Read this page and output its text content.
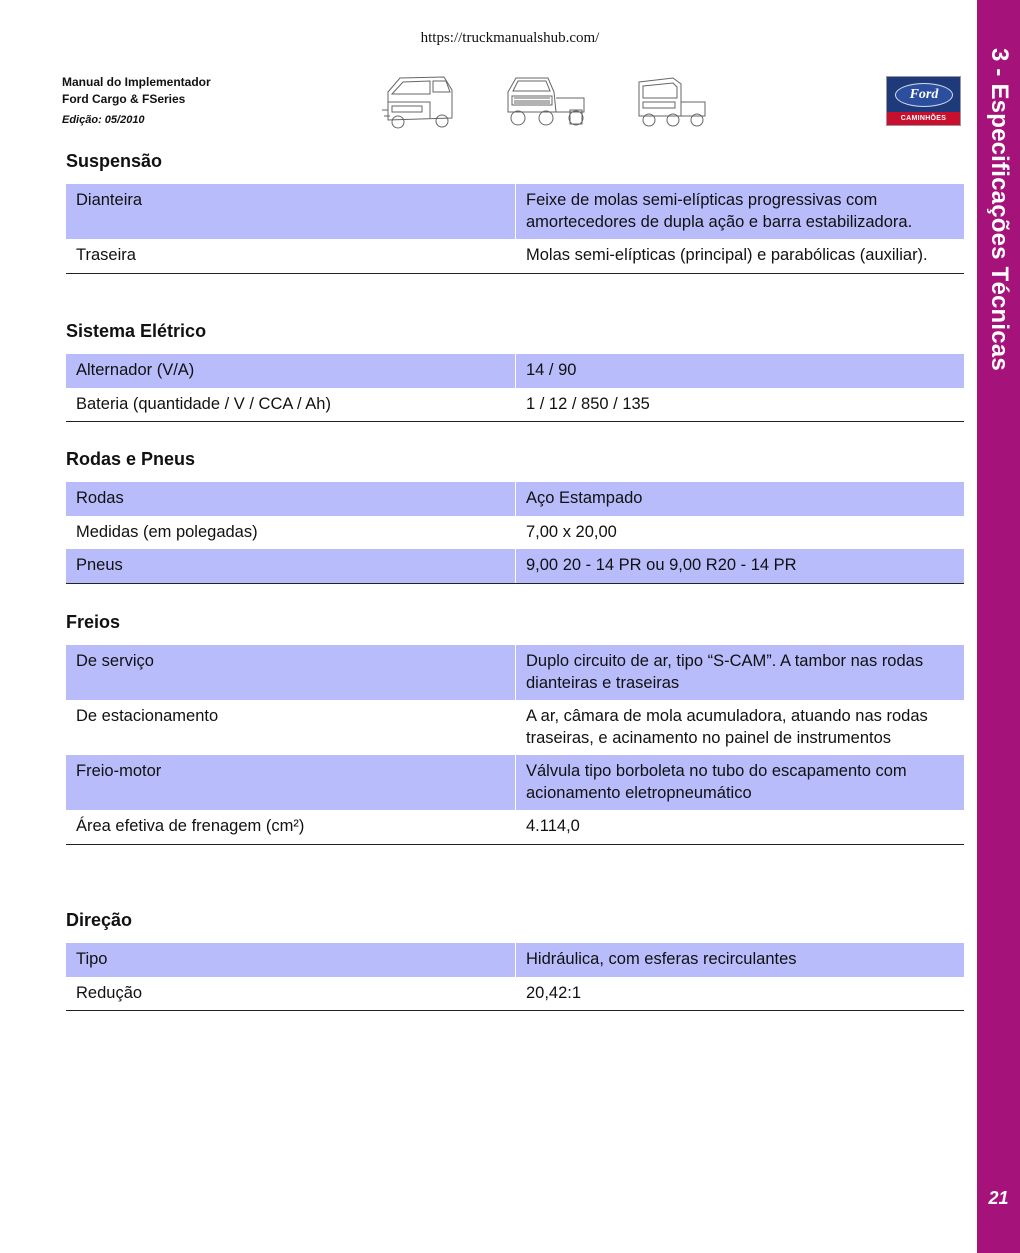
https://truckmanualshub.com/
Manual do Implementador
Ford Cargo & FSeries
Edição: 05/2010
Ford
CAMINHÕES	3 - Especificações Técnicas
21
Suspensão
Dianteira	Feixe de molas semi-elípticas progressivas com amortecedores de dupla ação e barra estabilizadora.
Traseira	Molas semi-elípticas (principal) e parabólicas (auxiliar).
Sistema Elétrico
Alternador (V/A)	14 / 90
Bateria (quantidade / V / CCA / Ah)	1 / 12 / 850 / 135
Rodas e Pneus
Rodas	Aço Estampado
Medidas (em polegadas)	7,00 x 20,00
Pneus	9,00 20 - 14 PR ou 9,00 R20 - 14 PR
Freios
De serviço	Duplo circuito de ar, tipo “S-CAM”. A tambor nas rodas dianteiras e traseiras
De estacionamento	A ar, câmara de mola acumuladora, atuando nas rodas traseiras, e acinamento no painel de instrumentos
Freio-motor	Válvula tipo borboleta no tubo do escapamento com acionamento eletropneumático
Área efetiva de frenagem (cm²)	4.114,0
Direção
Tipo	Hidráulica, com esferas recirculantes
Redução	20,42:1
